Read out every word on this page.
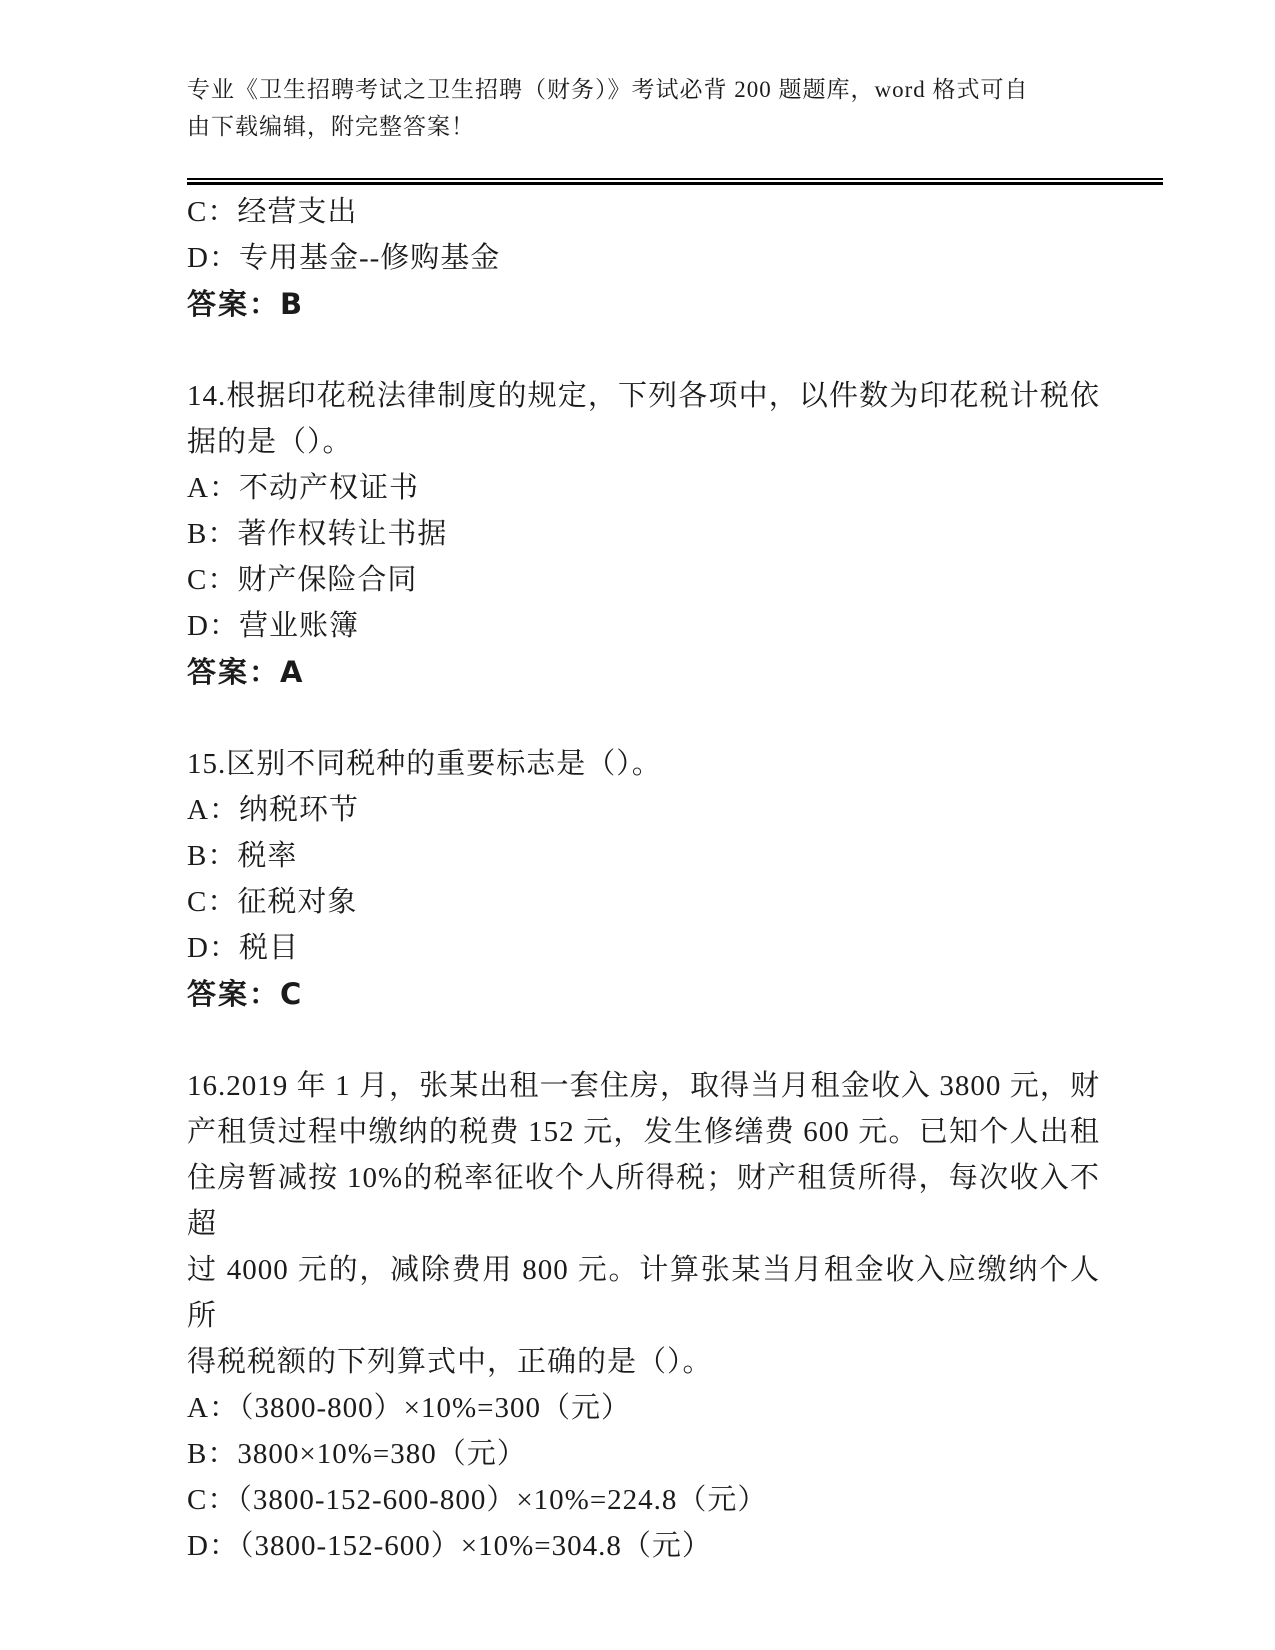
专业《卫生招聘考试之卫生招聘（财务）》考试必背 200 题题库，word 格式可自
由下载编辑，附完整答案！
C：经营支出
D：专用基金--修购基金
答案：B
14.根据印花税法律制度的规定，下列各项中，以件数为印花税计税依
据的是（）。
A：不动产权证书
B：著作权转让书据
C：财产保险合同
D：营业账簿
答案：A
15.区别不同税种的重要标志是（）。
A：纳税环节
B：税率
C：征税对象
D：税目
答案：C
16.2019 年 1 月，张某出租一套住房，取得当月租金收入 3800 元，财
产租赁过程中缴纳的税费 152 元，发生修缮费 600 元。已知个人出租
住房暂减按 10%的税率征收个人所得税；财产租赁所得，每次收入不超
过 4000 元的，减除费用 800 元。计算张某当月租金收入应缴纳个人所
得税税额的下列算式中，正确的是（）。
A：（3800-800）×10%=300（元）
B：3800×10%=380（元）
C：（3800-152-600-800）×10%=224.8（元）
D：（3800-152-600）×10%=304.8（元）
